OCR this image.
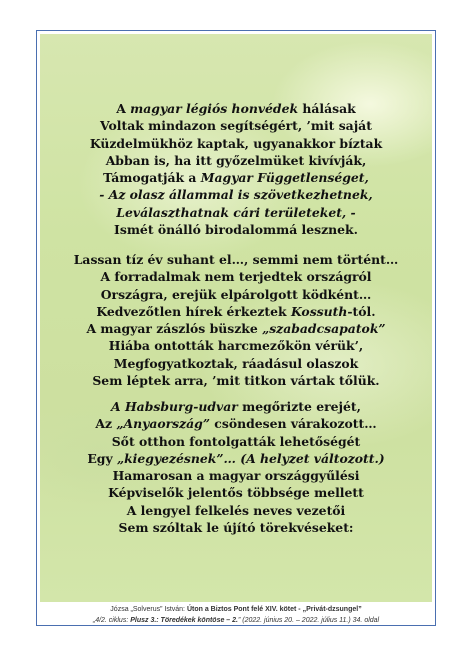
A magyar légiós honvédek hálásak
Voltak mindazon segítségért, ’mit saját
Küzdelmükhöz kaptak, ugyanakkor bíztak
Abban is, ha itt győzelmüket kivívják,
Támogatják a Magyar Függetlenséget,
- Az olasz állammal is szövetkezhetnek,
Leválaszthatnak cári területeket, -
Ismét önálló birodalommá lesznek.
Lassan tíz év suhant el…, semmi nem történt…
A forradalmak nem terjedtek országról
Országra, erejük elpárolgott ködként…
Kedvezőtlen hírek érkeztek Kossuth-tól.
A magyar zászlós büszke „szabadcsapatok”
Hiába ontották harcmezőkön vérük’,
Megfogyatkoztak, ráadásul olaszok
Sem léptek arra, ’mit titkon vártak tőlük.
A Habsburg-udvar megőrizte erejét,
Az „Anyaország” csöndesen várakozott…
Sőt otthon fontolgatták lehetőségét
Egy „kiegyezésnek”… (A helyzet változott.)
Hamarosan a magyar országgyűlési
Képviselők jelentős többsége mellett
A lengyel felkelés neves vezetői
Sem szóltak le újító törekvéseket:
Józsa „Solverus” István: Úton a Biztos Pont felé XIV. kötet - „Privát-dzsungel”
„4/2. ciklus: Plusz 3.: Töredékek köntöse – 2.” (2022. június 20. – 2022. július 11.) 34. oldal
